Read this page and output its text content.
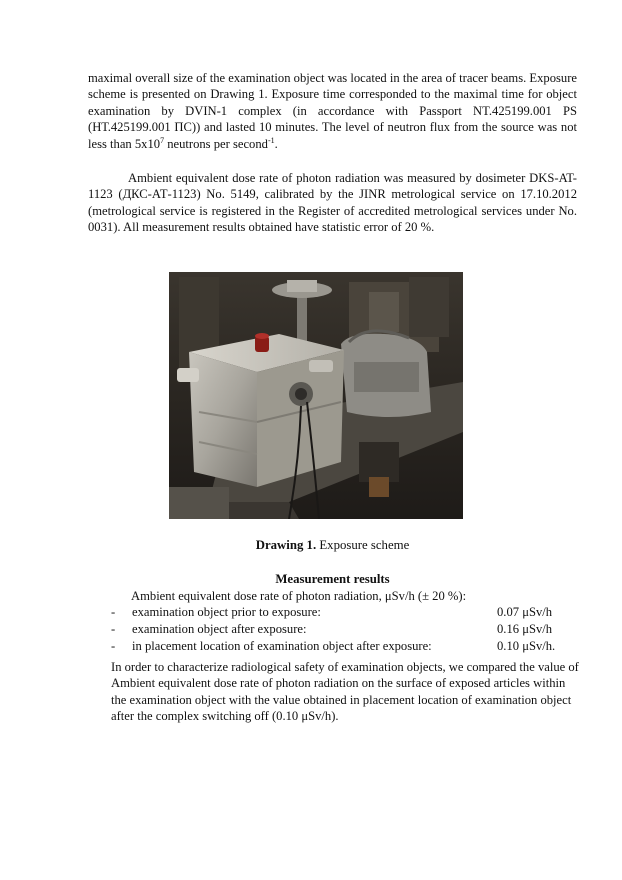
maximal overall size of the examination object was located in the area of tracer beams. Exposure scheme is presented on Drawing 1. Exposure time corresponded to the maximal time for object examination by DVIN-1 complex (in accordance with Passport NT.425199.001 PS (НТ.425199.001 ПС)) and lasted 10 minutes. The level of neutron flux from the source was not less than $5x10^7$ neutrons per second$^{-1}$.

Ambient equivalent dose rate of photon radiation was measured by dosimeter DKS-AT-1123 (ДКС-АТ-1123) No. 5149, calibrated by the JINR metrological service on 17.10.2012 (metrological service is registered in the Register of accredited metrological services under No. 0031). All measurement results obtained have statistic error of 20 %.

Drawing 1. Exposure scheme
Measurement results
Ambient equivalent dose rate of photon radiation, μSv/h (± 20 %):
- examination object prior to exposure:	0.07 μSv/h
- examination object after exposure:	0.16 μSv/h
- in placement location of examination object after exposure:	0.10 μSv/h.

In order to characterize radiological safety of examination objects, we compared the value of Ambient equivalent dose rate of photon radiation on the surface of exposed articles within the examination object with the value obtained in placement location of examination object after the complex switching off (0.10 μSv/h).
